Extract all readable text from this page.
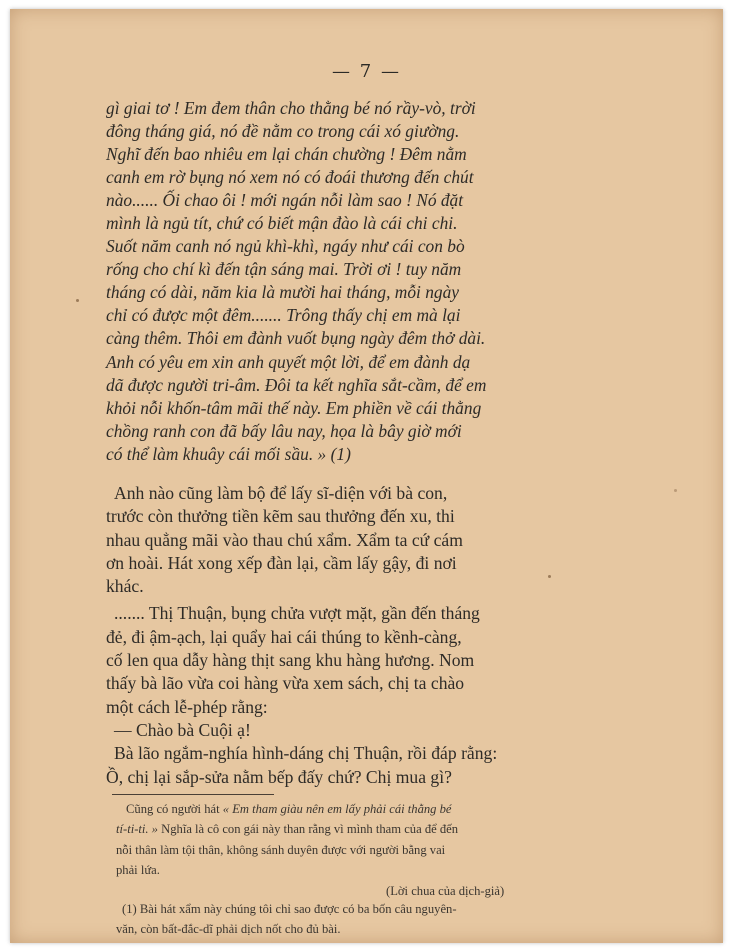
— 7 —
gì giai tơ ! Em đem thân cho thằng bé nó rầy-vò, trời
đông tháng giá, nó đề nằm co trong cái xó giường.
Nghĩ đến bao nhiêu em lại chán chường ! Đêm nằm
canh em rờ bụng nó xem nó có đoái thương đến chút
nào...... Ối chao ôi ! mới ngán nỗi làm sao ! Nó đặt
mình là ngủ tít, chứ có biết mận đào là cái chi chi.
Suốt năm canh nó ngủ khì-khì, ngáy như cái con bò
rống cho chí kì đến tận sáng mai. Trời ơi ! tuy năm
tháng có dài, năm kia là mười hai tháng, mỗi ngày
chỉ có được một đêm....... Trông thấy chị em mà lại
càng thêm. Thôi em đành vuốt bụng ngày đêm thở dài.
Anh có yêu em xin anh quyết một lời, để em đành dạ
dã được người tri-âm. Đôi ta kết nghĩa sắt-cầm, để em
khỏi nỗi khốn-tâm mãi thế này. Em phiền về cái thằng
chồng ranh con đã bấy lâu nay, họa là bây giờ mới
có thể làm khuây cái mối sầu. » (1)
Anh nào cũng làm bộ để lấy sĩ-diện với bà con,
trước còn thưởng tiền kẽm sau thưởng đến xu, thi
nhau quẳng mãi vào thau chú xẩm. Xẩm ta cứ cám
ơn hoài. Hát xong xếp đàn lại, cầm lấy gậy, đi nơi
khác.
....... Thị Thuận, bụng chửa vượt mặt, gần đến tháng
đẻ, đi ậm-ạch, lại quẩy hai cái thúng to kềnh-càng,
cố len qua dẫy hàng thịt sang khu hàng hương. Nom
thấy bà lão vừa coi hàng vừa xem sách, chị ta chào
một cách lễ-phép rằng:
— Chào bà Cuội ạ!
Bà lão ngắm-nghía hình-dáng chị Thuận, rồi đáp rằng:
Ồ, chị lại sắp-sửa nằm bếp đấy chứ? Chị mua gì?
Cũng có người hát « Em tham giàu nên em lấy phải cái thằng bé
tí-ti-ti. » Nghĩa là cô con gái này than rằng vì mình tham của để đến
nỗi thân làm tội thân, không sánh duyên được với người bằng vai
phải lứa.
(Lời chua của dịch-giả)
(1) Bài hát xẩm này chúng tôi chỉ sao được có ba bốn câu nguyên-
văn, còn bất-đắc-dĩ phải dịch nốt cho đủ bài.
